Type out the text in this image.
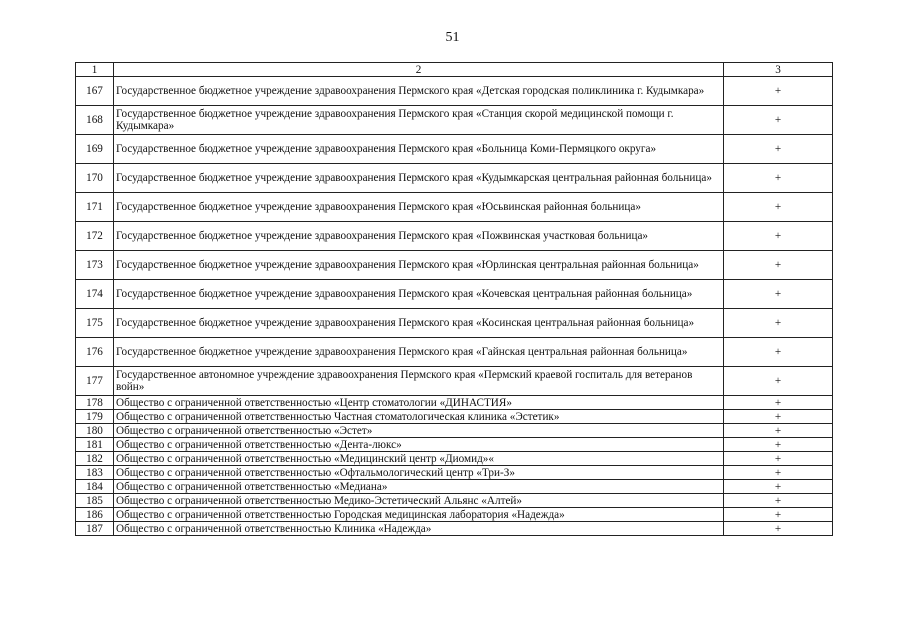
51
1	2	3
167	Государственное бюджетное учреждение здравоохранения Пермского края «Детская городская поликлиника г. Кудымкара»	+
168	Государственное бюджетное учреждение здравоохранения Пермского края «Станция скорой медицинской помощи г. Кудымкара»	+
169	Государственное бюджетное учреждение здравоохранения Пермского края «Больница Коми-Пермяцкого округа»	+
170	Государственное бюджетное учреждение здравоохранения Пермского края «Кудымкарская центральная районная больница»	+
171	Государственное бюджетное учреждение здравоохранения Пермского края «Юсьвинская районная больница»	+
172	Государственное бюджетное учреждение здравоохранения Пермского края «Пожвинская участковая больница»	+
173	Государственное бюджетное учреждение здравоохранения Пермского края «Юрлинская центральная районная больница»	+
174	Государственное бюджетное учреждение здравоохранения Пермского края «Кочевская центральная районная больница»	+
175	Государственное бюджетное учреждение здравоохранения Пермского края «Косинская центральная районная больница»	+
176	Государственное бюджетное учреждение здравоохранения Пермского края «Гайнская центральная районная больница»	+
177	Государственное автономное учреждение здравоохранения Пермского края «Пермский краевой госпиталь для ветеранов войн»	+
178	Общество с ограниченной ответственностью «Центр стоматологии «ДИНАСТИЯ»	+
179	Общество с ограниченной ответственностью Частная стоматологическая клиника «Эстетик»	+
180	Общество с ограниченной ответственностью «Эстет»	+
181	Общество с ограниченной ответственностью «Дента-люкс»	+
182	Общество с ограниченной ответственностью «Медицинский центр «Диомид»«	+
183	Общество с ограниченной ответственностью «Офтальмологический центр «Три-З»	+
184	Общество с ограниченной ответственностью «Медиана»	+
185	Общество с ограниченной ответственностью Медико-Эстетический Альянс «Алтей»	+
186	Общество с ограниченной ответственностью Городская медицинская лаборатория «Надежда»	+
187	Общество с ограниченной ответственностью Клиника «Надежда»	+
